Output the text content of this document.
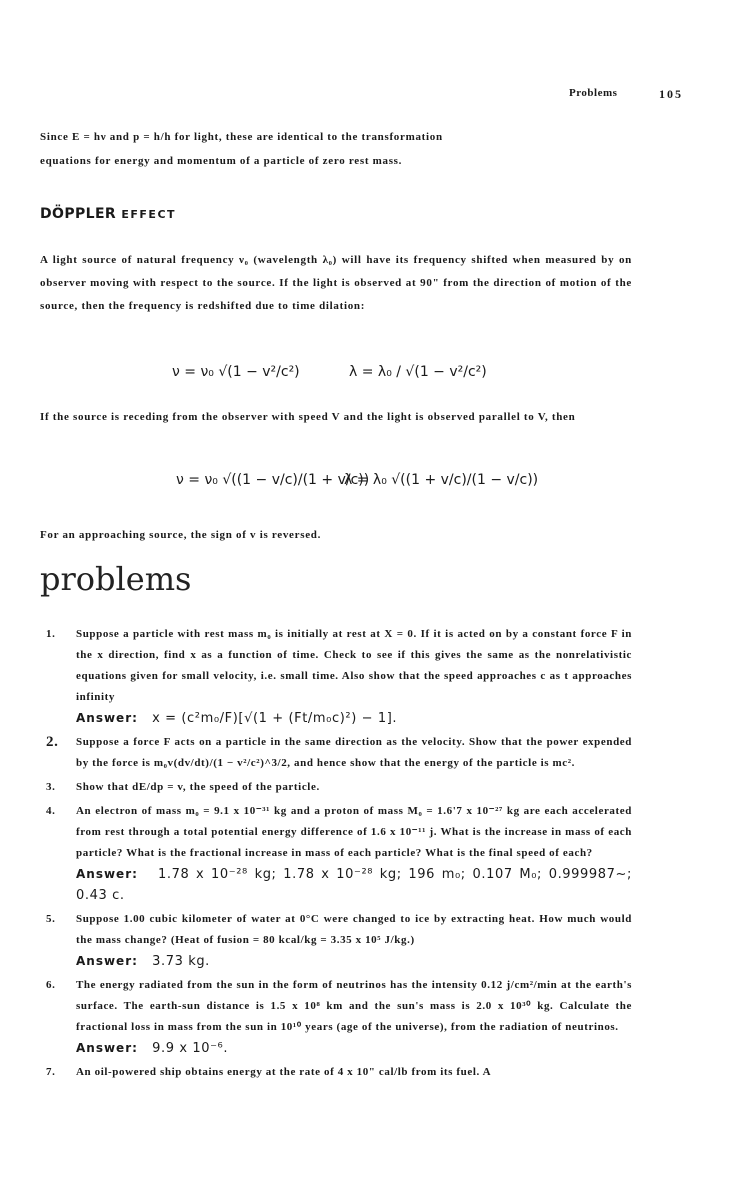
Problems	105

Since E = hν and p = h/h for light, these are identical to the transformation

equations for energy and momentum of a particle of zero rest mass.

DÖPPLER EFFECT

A light source of natural frequency ν₀ (wavelength λ₀) will have its frequency shifted when measured by on observer moving with respect to the source. If the light is observed at 90" from the direction of motion of the source, then the frequency is redshifted due to time dilation:

ν = ν₀ √(1 − v²/c²)	λ = λ₀ / √(1 − v²/c²)

If the source is receding from the observer with speed V and the light is observed parallel to V, then

ν = ν₀ √((1 − v/c)/(1 + v/c))
λ = λ₀ √((1 + v/c)/(1 − v/c))

For an approaching source, the sign of v is reversed.

problems
1. Suppose a particle with rest mass m₀ is initially at rest at X = 0. If it is acted on by a constant force F in the x direction, find x as a function of time. Check to see if this gives the same as the nonrelativistic equations given for small velocity, i.e. small time. Also show that the speed approaches c as t approaches infinity
Answer: x = (c²m₀/F)[√(1 + (Ft/m₀c)²) − 1].
2. Suppose a force F acts on a particle in the same direction as the velocity. Show that the power expended by the force is m₀v(dv/dt)/(1 − v²/c²)^3/2, and hence show that the energy of the particle is mc².
3. Show that dE/dp = v, the speed of the particle.
4. An electron of mass m₀ = 9.1 x 10⁻³¹ kg and a proton of mass M₀ = 1.6'7 x 10⁻²⁷ kg are each accelerated from rest through a total potential energy difference of 1.6 x 10⁻¹¹ j. What is the increase in mass of each particle? What is the fractional increase in mass of each particle? What is the final speed of each?
Answer: 1.78 x 10⁻²⁸ kg; 1.78 x 10⁻²⁸ kg; 196 m₀; 0.107 M₀; 0.999987~; 0.43 c.
5. Suppose 1.00 cubic kilometer of water at 0°C were changed to ice by extracting heat. How much would the mass change? (Heat of fusion = 80 kcal/kg = 3.35 x 10⁵ J/kg.)
Answer: 3.73 kg.
6. The energy radiated from the sun in the form of neutrinos has the intensity 0.12 j/cm²/min at the earth's surface. The earth-sun distance is 1.5 x 10⁸ km and the sun's mass is 2.0 x 10³⁰ kg. Calculate the fractional loss in mass from the sun in 10¹⁰ years (age of the universe), from the radiation of neutrinos.
Answer: 9.9 x 10⁻⁶.
7. An oil-powered ship obtains energy at the rate of 4 x 10" cal/lb from its fuel. A
